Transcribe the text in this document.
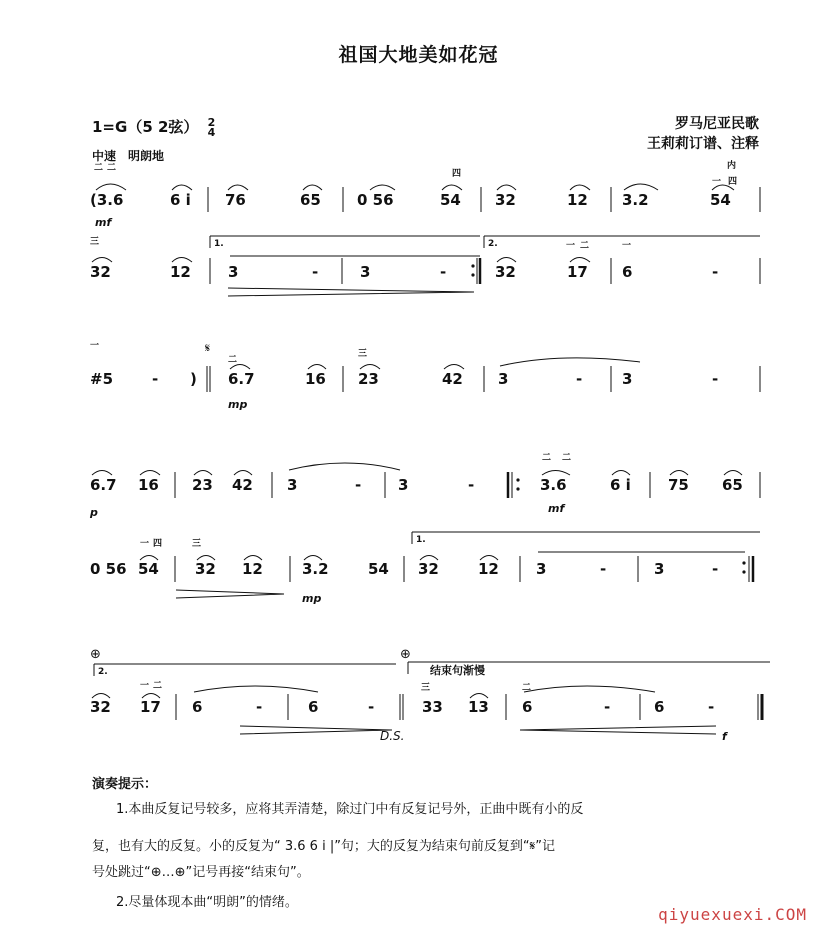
祖国大地美如花冠
1=G（5 2弦） 2
4
中速　明朗地
罗马尼亚民歌
王莉莉订谱、注释
二 二
四
内
一 四
(3.6	6 i 76	65 0 56	54 32	12 3.2	54
mf
三	1.	2.	一 二	一
32	12 3	-	3	-	32	17 6	-
一	𝄋
二
三
#5	- ) 6.7	16 23	42 3	-	3	-
mp
二 二
6.7 16 23 42 3	- 3	-	3.6	6 i 75 65
p	mf
1.
一 四	三
0 56 54 32 12	3.2	54 32	12 3	-	3	-
mp
⊕	⊕
2.	结束句渐慢
一 二	三	二
32 17 6	-	6	-	33 13 6	-	6	-
D.S.	f
演奏提示：
1.本曲反复记号较多，应将其弄清楚，除过门中有反复记号外，正曲中既有小的反
复，也有大的反复。小的反复为“ 3.6 6 i |”句；大的反复为结束句前反复到“𝄋”记
号处跳过“⊕…⊕”记号再接“结束句”。
2.尽量体现本曲“明朗”的情绪。
qiyuexuexi.COM
